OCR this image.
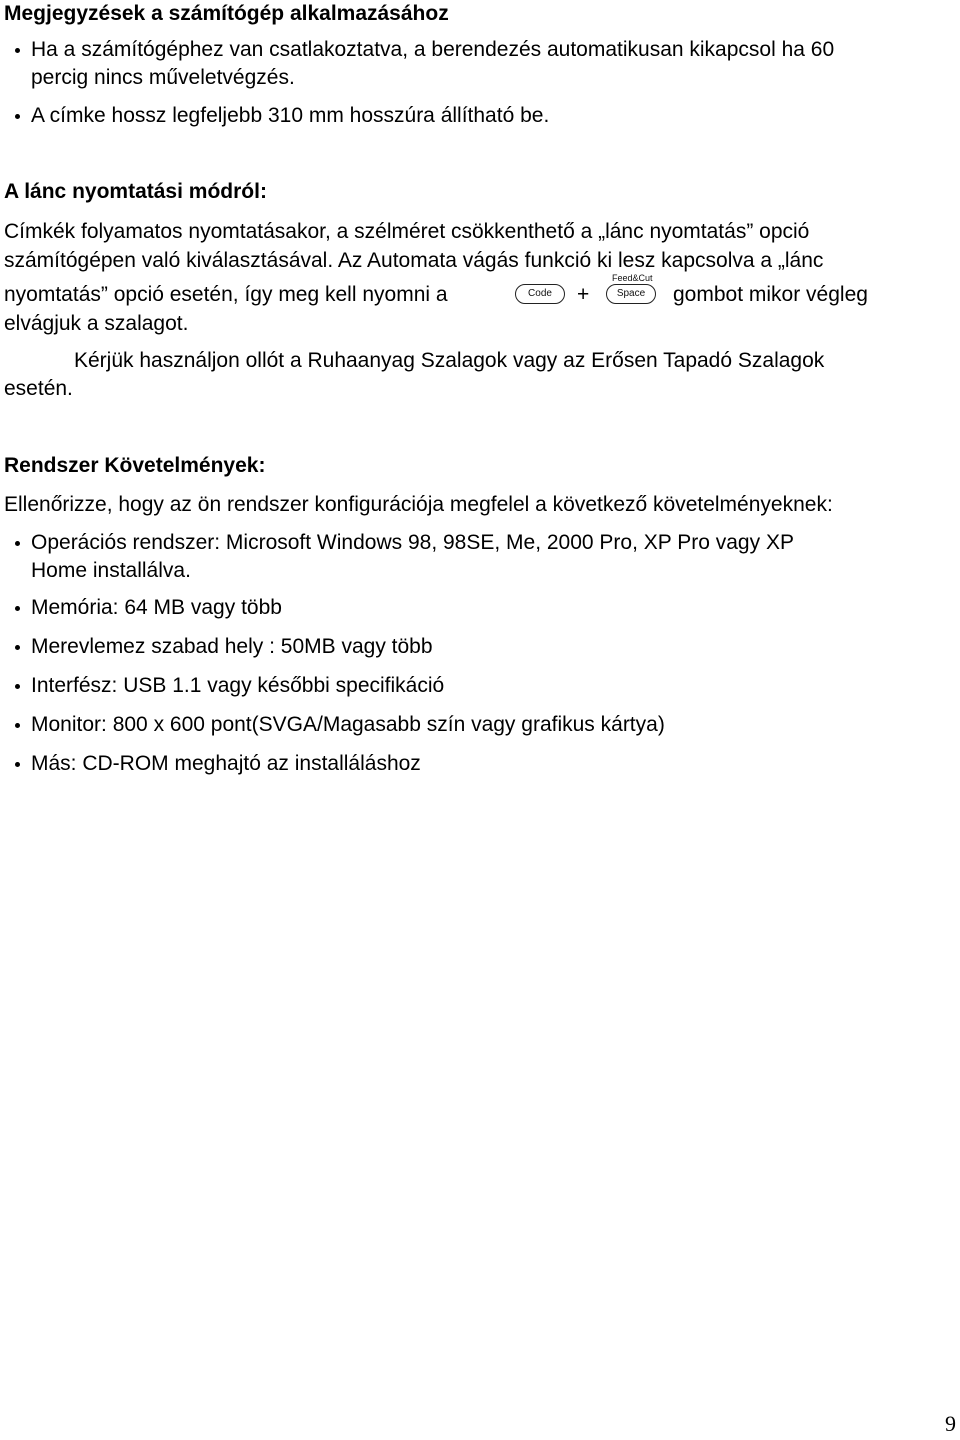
Megjegyzések a számítógép alkalmazásához
Ha a számítógéphez van csatlakoztatva, a berendezés automatikusan kikapcsol ha 60
percig nincs műveletvégzés.
A címke hossz legfeljebb 310 mm hosszúra állítható be.
A lánc nyomtatási módról:
Címkék folyamatos nyomtatásakor, a szélméret csökkenthető a „lánc nyomtatás” opció
számítógépen való kiválasztásával. Az Automata vágás funkció ki lesz kapcsolva a „lánc
nyomtatás” opció esetén, így meg kell nyomni a	Code	+
Feed&Cut
Space	gombot mikor végleg
elvágjuk a szalagot.
Kérjük használjon ollót a Ruhaanyag Szalagok vagy az Erősen Tapadó Szalagok
esetén.
Rendszer Követelmények:
Ellenőrizze, hogy az ön rendszer konfigurációja megfelel a következő követelményeknek:
Operációs rendszer: Microsoft Windows 98, 98SE, Me, 2000 Pro, XP Pro vagy XP
Home installálva.
Memória: 64 MB vagy több
Merevlemez szabad hely : 50MB vagy több
Interfész: USB 1.1 vagy későbbi specifikáció
Monitor: 800 x 600 pont(SVGA/Magasabb szín vagy grafikus kártya)
Más: CD-ROM meghajtó az installáláshoz
9
